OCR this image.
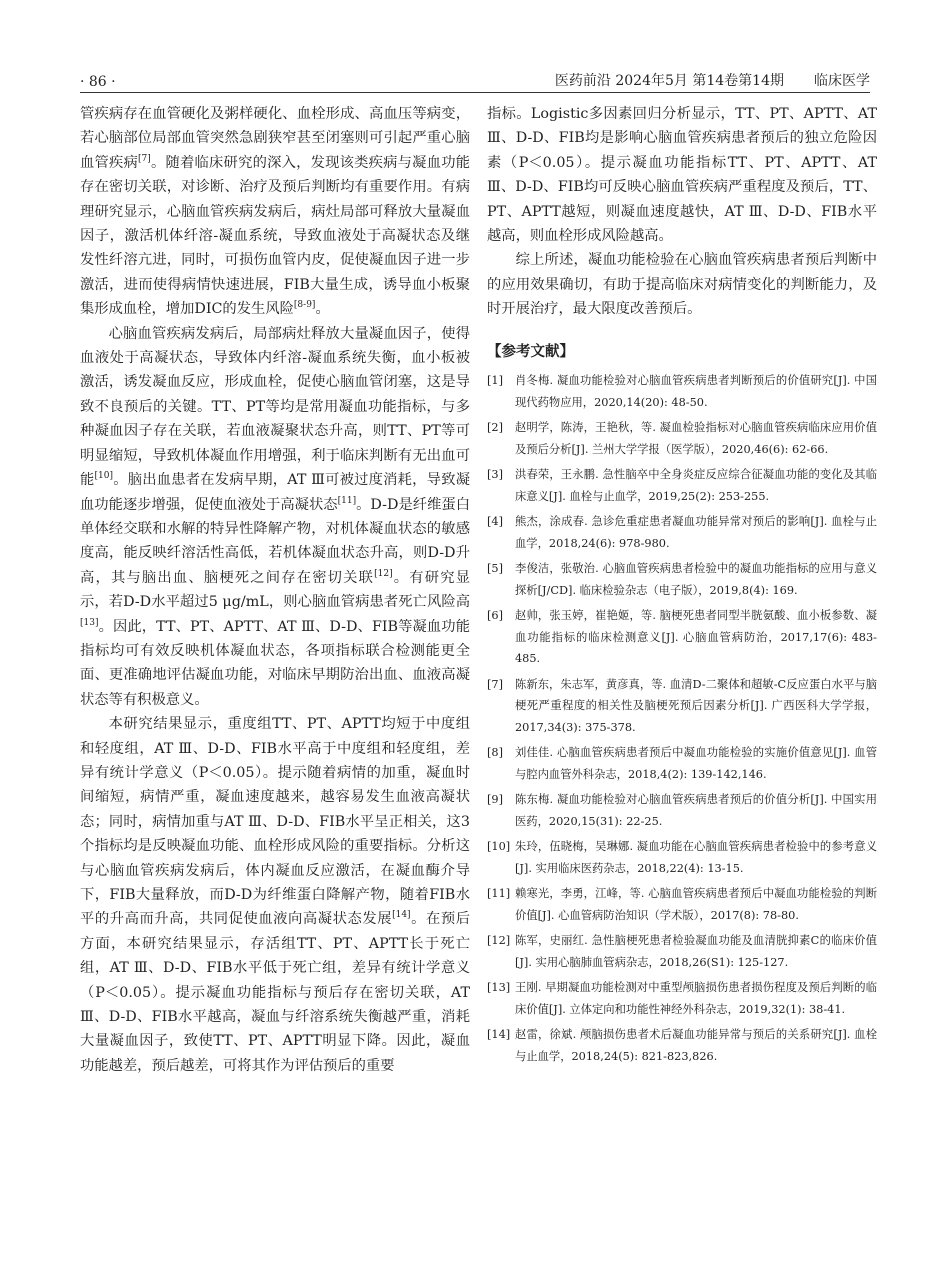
· 86 ·	医药前沿 2024年5月 第14卷第14期 临床医学

管疾病存在血管硬化及粥样硬化、血栓形成、高血压等病变，若心脑部位局部血管突然急剧狭窄甚至闭塞则可引起严重心脑血管疾病[7]。随着临床研究的深入，发现该类疾病与凝血功能存在密切关联，对诊断、治疗及预后判断均有重要作用。有病理研究显示，心脑血管疾病发病后，病灶局部可释放大量凝血因子，激活机体纤溶-凝血系统，导致血液处于高凝状态及继发性纤溶亢进，同时，可损伤血管内皮，促使凝血因子进一步激活，进而使得病情快速进展，FIB大量生成，诱导血小板聚集形成血栓，增加DIC的发生风险[8-9]。

心脑血管疾病发病后，局部病灶释放大量凝血因子，使得血液处于高凝状态，导致体内纤溶-凝血系统失衡，血小板被激活，诱发凝血反应，形成血栓，促使心脑血管闭塞，这是导致不良预后的关键。TT、PT等均是常用凝血功能指标，与多种凝血因子存在关联，若血液凝聚状态升高，则TT、PT等可明显缩短，导致机体凝血作用增强，利于临床判断有无出血可能[10]。脑出血患者在发病早期，AT Ⅲ可被过度消耗，导致凝血功能逐步增强，促使血液处于高凝状态[11]。D-D是纤维蛋白单体经交联和水解的特异性降解产物，对机体凝血状态的敏感度高，能反映纤溶活性高低，若机体凝血状态升高，则D-D升高，其与脑出血、脑梗死之间存在密切关联[12]。有研究显示，若D-D水平超过5 μg/mL，则心脑血管病患者死亡风险高[13]。因此，TT、PT、APTT、AT Ⅲ、D-D、FIB等凝血功能指标均可有效反映机体凝血状态，各项指标联合检测能更全面、更准确地评估凝血功能，对临床早期防治出血、血液高凝状态等有积极意义。

本研究结果显示，重度组TT、PT、APTT均短于中度组和轻度组，AT Ⅲ、D-D、FIB水平高于中度组和轻度组，差异有统计学意义（P＜0.05）。提示随着病情的加重，凝血时间缩短，病情严重，凝血速度越来，越容易发生血液高凝状态；同时，病情加重与AT Ⅲ、D-D、FIB水平呈正相关，这3个指标均是反映凝血功能、血栓形成风险的重要指标。分析这与心脑血管疾病发病后，体内凝血反应激活，在凝血酶介导下，FIB大量释放，而D-D为纤维蛋白降解产物，随着FIB水平的升高而升高，共同促使血液向高凝状态发展[14]。在预后方面，本研究结果显示，存活组TT、PT、APTT长于死亡组，AT Ⅲ、D-D、FIB水平低于死亡组，差异有统计学意义（P＜0.05）。提示凝血功能指标与预后存在密切关联，AT Ⅲ、D-D、FIB水平越高，凝血与纤溶系统失衡越严重，消耗大量凝血因子，致使TT、PT、APTT明显下降。因此，凝血功能越差，预后越差，可将其作为评估预后的重要

指标。Logistic多因素回归分析显示，TT、PT、APTT、AT Ⅲ、D-D、FIB均是影响心脑血管疾病患者预后的独立危险因素（P＜0.05）。提示凝血功能指标TT、PT、APTT、AT Ⅲ、D-D、FIB均可反映心脑血管疾病严重程度及预后，TT、PT、APTT越短，则凝血速度越快，AT Ⅲ、D-D、FIB水平越高，则血栓形成风险越高。

综上所述，凝血功能检验在心脑血管疾病患者预后判断中的应用效果确切，有助于提高临床对病情变化的判断能力，及时开展治疗，最大限度改善预后。

【参考文献】
[1]	肖冬梅. 凝血功能检验对心脑血管疾病患者判断预后的价值研究[J]. 中国现代药物应用，2020,14(20): 48-50.
[2]	赵明学，陈涛，王艳秋，等. 凝血检验指标对心脑血管疾病临床应用价值及预后分析[J]. 兰州大学学报（医学版），2020,46(6): 62-66.
[3]	洪春荣，王永鹏. 急性脑卒中全身炎症反应综合征凝血功能的变化及其临床意义[J]. 血栓与止血学，2019,25(2): 253-255.
[4]	熊杰，涂成春. 急诊危重症患者凝血功能异常对预后的影响[J]. 血栓与止血学，2018,24(6): 978-980.
[5]	李俊洁，张敬治. 心脑血管疾病患者检验中的凝血功能指标的应用与意义探析[J/CD]. 临床检验杂志（电子版），2019,8(4): 169.
[6]	赵帅，张玉婷，崔艳姬，等. 脑梗死患者同型半胱氨酸、血小板参数、凝血功能指标的临床检测意义[J]. 心脑血管病防治，2017,17(6): 483-485.
[7]	陈新东，朱志军，黄彦真，等. 血清D-二聚体和超敏-C反应蛋白水平与脑梗死严重程度的相关性及脑梗死预后因素分析[J]. 广西医科大学学报，2017,34(3): 375-378.
[8]	刘佳佳. 心脑血管疾病患者预后中凝血功能检验的实施价值意见[J]. 血管与腔内血管外科杂志，2018,4(2): 139-142,146.
[9]	陈东梅. 凝血功能检验对心脑血管疾病患者预后的价值分析[J]. 中国实用医药，2020,15(31): 22-25.
[10] 朱玲，伍晓梅，吴琳娜. 凝血功能在心脑血管疾病患者检验中的参考意义[J]. 实用临床医药杂志，2018,22(4): 13-15.
[11] 赖寒光，李勇，江峰，等. 心脑血管疾病患者预后中凝血功能检验的判断价值[J]. 心血管病防治知识（学术版），2017(8): 78-80.
[12] 陈军，史丽红. 急性脑梗死患者检验凝血功能及血清胱抑素C的临床价值[J]. 实用心脑肺血管病杂志，2018,26(S1): 125-127.
[13] 王刚. 早期凝血功能检测对中重型颅脑损伤患者损伤程度及预后判断的临床价值[J]. 立体定向和功能性神经外科杂志，2019,32(1): 38-41.
[14] 赵雷，徐斌. 颅脑损伤患者术后凝血功能异常与预后的关系研究[J]. 血栓与止血学，2018,24(5): 821-823,826.
